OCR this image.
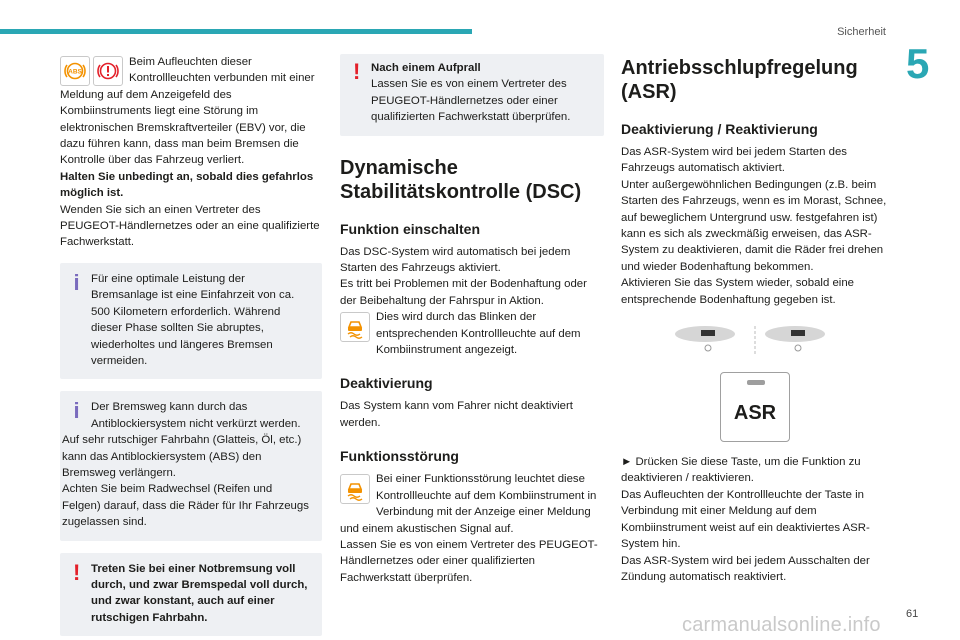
Sicherheit
5
61
carmanualsonline.info
ABS

Beim Aufleuchten dieser Kontrollleuchten verbunden mit einer Meldung auf dem Anzeigefeld des Kombiinstruments liegt eine Störung im elektronischen Bremskraftverteiler (EBV) vor, die dazu führen kann, dass man beim Bremsen die Kontrolle über das Fahrzeug verliert.

Halten Sie unbedingt an, sobald dies gefahrlos möglich ist.

Wenden Sie sich an einen Vertreter des PEUGEOT-Händlernetzes oder an eine qualifizierte Fachwerkstatt.

i	Für eine optimale Leistung der Bremsanlage ist eine Einfahrzeit von ca. 500 Kilometern erforderlich. Während dieser Phase sollten Sie abruptes, wiederholtes und längeres Bremsen vermeiden.

i	Der Bremsweg kann durch das Antiblockiersystem nicht verkürzt werden.

Auf sehr rutschiger Fahrbahn (Glatteis, Öl, etc.) kann das Antiblockiersystem (ABS) den Bremsweg verlängern.

Achten Sie beim Radwechsel (Reifen und Felgen) darauf, dass die Räder für Ihr Fahrzeugs zugelassen sind.

! Treten Sie bei einer Notbremsung voll durch, und zwar Bremspedal voll durch, und zwar konstant, auch auf einer rutschigen Fahrbahn.

! Nach einem Aufprall

Lassen Sie es von einem Vertreter des PEUGEOT-Händlernetzes oder einer qualifizierten Fachwerkstatt überprüfen.

Dynamische Stabilitätskontrolle (DSC)
Funktion einschalten

Das DSC-System wird automatisch bei jedem Starten des Fahrzeugs aktiviert.

Es tritt bei Problemen mit der Bodenhaftung oder der Beibehaltung der Fahrspur in Aktion.

Dies wird durch das Blinken der entsprechenden Kontrollleuchte auf dem Kombiinstrument angezeigt.

Deaktivierung

Das System kann vom Fahrer nicht deaktiviert werden.

Funktionsstörung

Bei einer Funktionsstörung leuchtet diese Kontrollleuchte auf dem Kombiinstrument in Verbindung mit der Anzeige einer Meldung und einem akustischen Signal auf.

Lassen Sie es von einem Vertreter des PEUGEOT-Händlernetzes oder einer qualifizierten Fachwerkstatt überprüfen.

Antriebsschlupfregelung (ASR)
Deaktivierung / Reaktivierung

Das ASR-System wird bei jedem Starten des Fahrzeugs automatisch aktiviert.

Unter außergewöhnlichen Bedingungen (z.B. beim Starten des Fahrzeugs, wenn es im Morast, Schnee, auf beweglichem Untergrund usw. festgefahren ist) kann es sich als zweckmäßig erweisen, das ASR-System zu deaktivieren, damit die Räder frei drehen und wieder Bodenhaftung bekommen.

Aktivieren Sie das System wieder, sobald eine entsprechende Bodenhaftung gegeben ist.

ASR

► Drücken Sie diese Taste, um die Funktion zu deaktivieren / reaktivieren.

Das Aufleuchten der Kontrollleuchte der Taste in Verbindung mit einer Meldung auf dem Kombiinstrument weist auf ein deaktiviertes ASR-System hin.

Das ASR-System wird bei jedem Ausschalten der Zündung automatisch reaktiviert.
